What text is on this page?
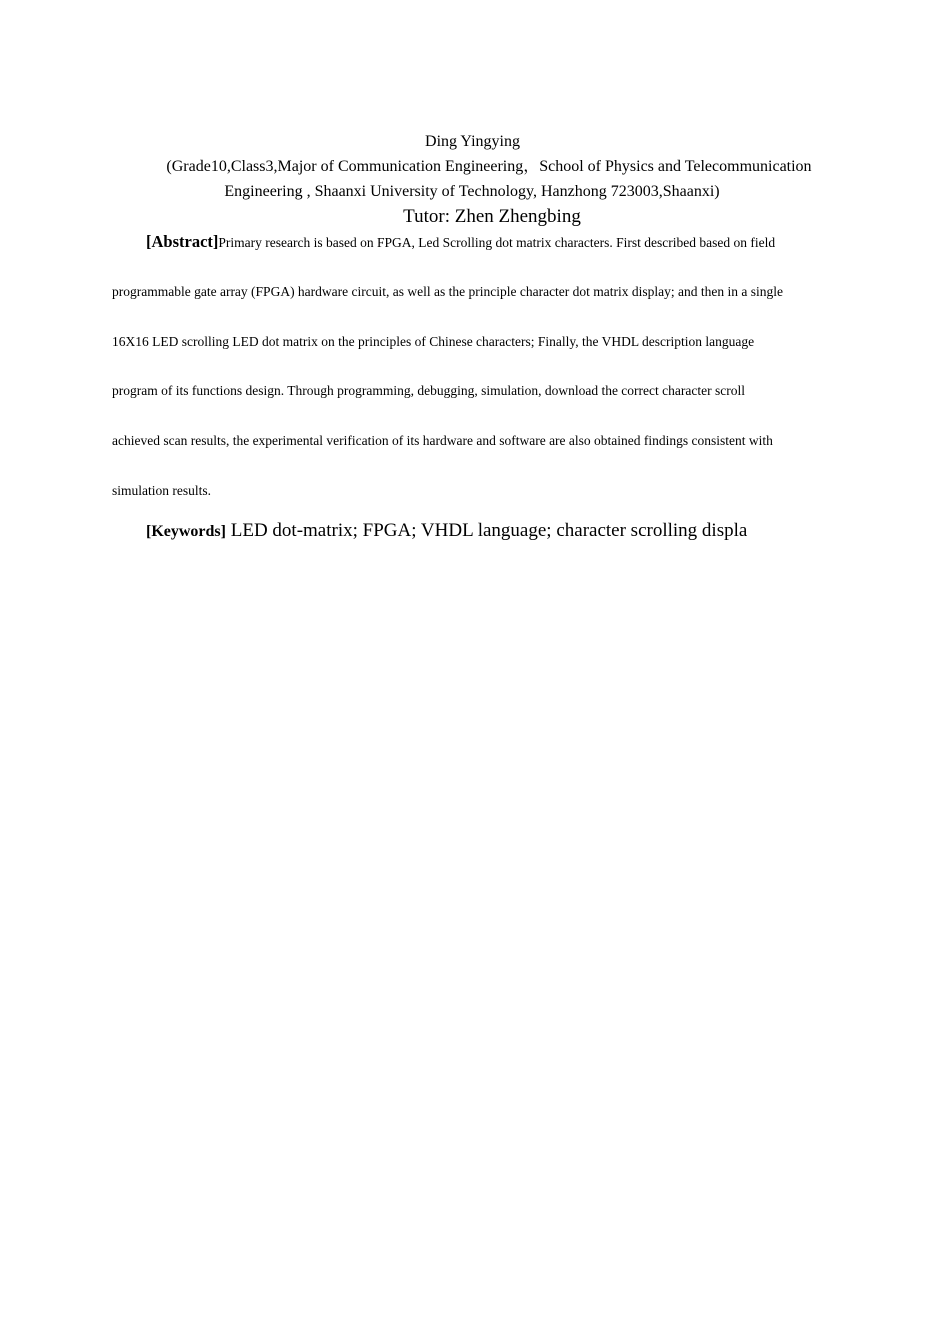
Ding Yingying
(Grade10,Class3,Major of Communication Engineering，School of Physics and Telecommunication
Engineering , Shaanxi University of Technology, Hanzhong 723003,Shaanxi)
Tutor: Zhen Zhengbing
[Abstract]Primary research is based on FPGA, Led Scrolling dot matrix characters. First described based on field
programmable gate array (FPGA) hardware circuit, as well as the principle character dot matrix display; and then in a single
16X16 LED scrolling LED dot matrix on the principles of Chinese characters; Finally, the VHDL description language
program of its functions design. Through programming, debugging, simulation, download the correct character scroll
achieved scan results, the experimental verification of its hardware and software are also obtained findings consistent with
simulation results.
[Keywords] LED dot-matrix; FPGA; VHDL language; character scrolling displa
